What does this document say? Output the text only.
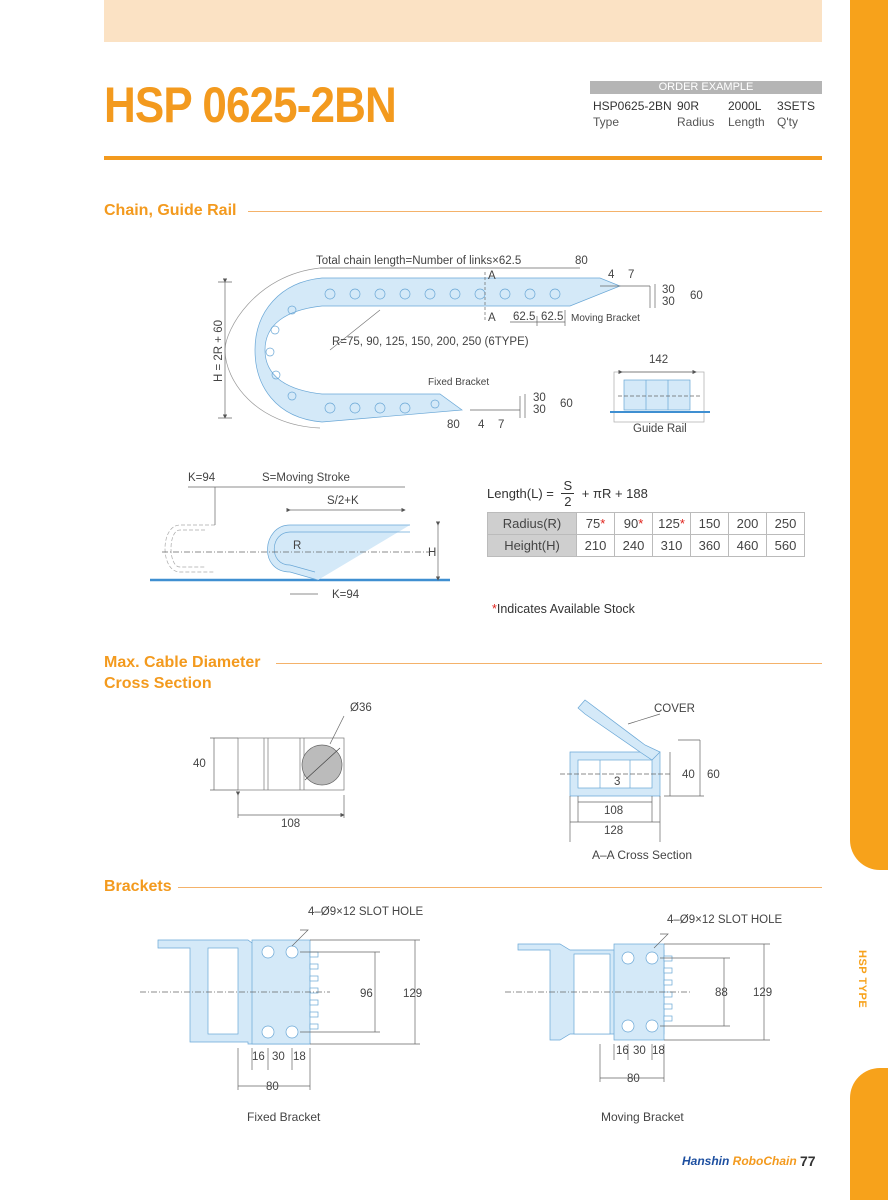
HSP TYPE
HSP 0625-2BN	ORDER EXAMPLE
HSP0625-2BN 90R 2000L 3SETS
Type	Radius Length Q'ty
Chain, Guide Rail
Max. Cable Diameter
Cross Section
Brackets
Total chain length=Number of links×62.5	80
4 7
A
30
30 60
A 62.5 62.5 Moving Bracket
H = 2R + 60	R=75, 90, 125, 150, 200, 250 (6TYPE)
Fixed Bracket
30
30 60
80 4 7
142
Guide Rail
K=94	S=Moving Stroke
S/2+K
R
H
K=94
Length(L) = $\frac{S}{2} + \pi R + 188$
Radius(R)	75*	90*	125*	150	200	250
Height(H)	210	240	310	360	460	560
*Indicates Available Stock
Ø36
40
108
COVER
3
40 60
108
128
A–A Cross Section
4–Ø9×12 SLOT HOLE
96	129
16 30 18
80
Fixed Bracket
4–Ø9×12 SLOT HOLE
88 129
16 30 18
80
Moving Bracket
Hanshin RoboChain 77
